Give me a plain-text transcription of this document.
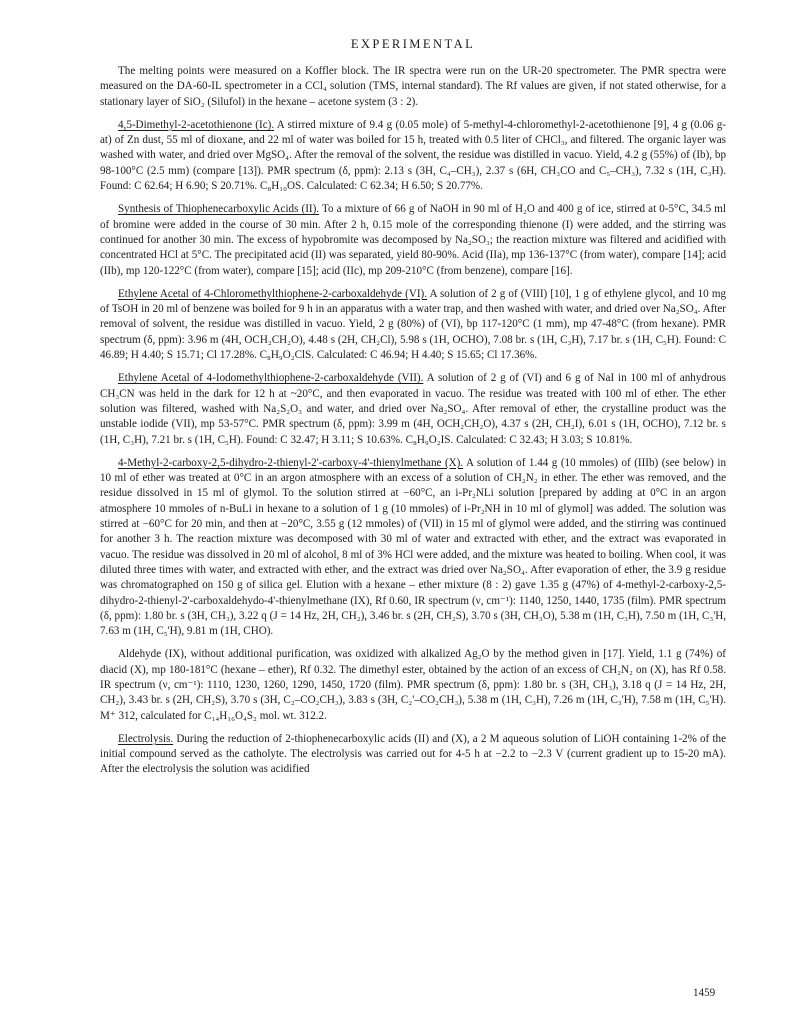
EXPERIMENTAL

The melting points were measured on a Koffler block. The IR spectra were run on the UR-20 spectrometer. The PMR spectra were measured on the DA-60-IL spectrometer in a CCl₄ solution (TMS, internal standard). The Rf values are given, if not stated otherwise, for a stationary layer of SiO₂ (Silufol) in the hexane – acetone system (3 : 2).

4,5-Dimethyl-2-acetothienone (Ic). A stirred mixture of 9.4 g (0.05 mole) of 5-methyl-4-chloromethyl-2-acetothienone [9], 4 g (0.06 g-at) of Zn dust, 55 ml of dioxane, and 22 ml of water was boiled for 15 h, treated with 0.5 liter of CHCl₃, and filtered. The organic layer was washed with water, and dried over MgSO₄. After the removal of the solvent, the residue was distilled in vacuo. Yield, 4.2 g (55%) of (Ib), bp 98-100°C (2.5 mm) (compare [13]). PMR spectrum (δ, ppm): 2.13 s (3H, C₄–CH₃), 2.37 s (6H, CH₃CO and C₅–CH₃), 7.32 s (1H, C₃H). Found: C 62.64; H 6.90; S 20.71%. C₈H₁₀OS. Calculated: C 62.34; H 6.50; S 20.77%.

Synthesis of Thiophenecarboxylic Acids (II). To a mixture of 66 g of NaOH in 90 ml of H₂O and 400 g of ice, stirred at 0-5°C, 34.5 ml of bromine were added in the course of 30 min. After 2 h, 0.15 mole of the corresponding thienone (I) were added, and the stirring was continued for another 30 min. The excess of hypobromite was decomposed by Na₂SO₃; the reaction mixture was filtered and acidified with concentrated HCl at 5°C. The precipitated acid (II) was separated, yield 80-90%. Acid (IIa), mp 136-137°C (from water), compare [14]; acid (IIb), mp 120-122°C (from water), compare [15]; acid (IIc), mp 209-210°C (from benzene), compare [16].

Ethylene Acetal of 4-Chloromethylthiophene-2-carboxaldehyde (VI). A solution of 2 g of (VIII) [10], 1 g of ethylene glycol, and 10 mg of TsOH in 20 ml of benzene was boiled for 9 h in an apparatus with a water trap, and then washed with water, and dried over Na₂SO₄. After removal of solvent, the residue was distilled in vacuo. Yield, 2 g (80%) of (VI), bp 117-120°C (1 mm), mp 47-48°C (from hexane). PMR spectrum (δ, ppm): 3.96 m (4H, OCH₂CH₂O), 4.48 s (2H, CH₂Cl), 5.98 s (1H, OCHO), 7.08 br. s (1H, C₃H), 7.17 br. s (1H, C₅H). Found: C 46.89; H 4.40; S 15.71; Cl 17.28%. C₈H₉O₂ClS. Calculated: C 46.94; H 4.40; S 15.65; Cl 17.36%.

Ethylene Acetal of 4-Iodomethylthiophene-2-carboxaldehyde (VII). A solution of 2 g of (VI) and 6 g of NaI in 100 ml of anhydrous CH₃CN was held in the dark for 12 h at ~20°C, and then evaporated in vacuo. The residue was treated with 100 ml of ether. The ether solution was filtered, washed with Na₂S₂O₃ and water, and dried over Na₂SO₄. After removal of ether, the crystalline product was the unstable iodide (VII), mp 53-57°C. PMR spectrum (δ, ppm): 3.99 m (4H, OCH₂CH₂O), 4.37 s (2H, CH₂I), 6.01 s (1H, OCHO), 7.12 br. s (1H, C₃H), 7.21 br. s (1H, C₅H). Found: C 32.47; H 3.11; S 10.63%. C₈H₉O₂IS. Calculated: C 32.43; H 3.03; S 10.81%.

4-Methyl-2-carboxy-2,5-dihydro-2-thienyl-2'-carboxy-4'-thienylmethane (X). A solution of 1.44 g (10 mmoles) of (IIIb) (see below) in 10 ml of ether was treated at 0°C in an argon atmosphere with an excess of a solution of CH₂N₂ in ether. The ether was removed, and the residue dissolved in 15 ml of glymol. To the solution stirred at −60°C, an i-Pr₂NLi solution [prepared by adding at 0°C in an argon atmosphere 10 mmoles of n-BuLi in hexane to a solution of 1 g (10 mmoles) of i-Pr₂NH in 10 ml of glymol] was added. The solution was stirred at −60°C for 20 min, and then at −20°C, 3.55 g (12 mmoles) of (VII) in 15 ml of glymol were added, and the stirring was continued for another 3 h. The reaction mixture was decomposed with 30 ml of water and extracted with ether, and the extract was evaporated in vacuo. The residue was dissolved in 20 ml of alcohol, 8 ml of 3% HCl were added, and the mixture was heated to boiling. When cool, it was diluted three times with water, and extracted with ether, and the extract was dried over Na₂SO₄. After evaporation of ether, the 3.9 g residue was chromatographed on 150 g of silica gel. Elution with a hexane – ether mixture (8 : 2) gave 1.35 g (47%) of 4-methyl-2-carboxy-2,5-dihydro-2-thienyl-2'-carboxaldehydo-4'-thienylmethane (IX), Rf 0.60, IR spectrum (ν, cm⁻¹): 1140, 1250, 1440, 1735 (film). PMR spectrum (δ, ppm): 1.80 br. s (3H, CH₃), 3.22 q (J = 14 Hz, 2H, CH₂), 3.46 br. s (2H, CH₂S), 3.70 s (3H, CH₃O), 5.38 m (1H, C₃H), 7.50 m (1H, C₃'H, 7.63 m (1H, C₅'H), 9.81 m (1H, CHO).

Aldehyde (IX), without additional purification, was oxidized with alkalized Ag₂O by the method given in [17]. Yield, 1.1 g (74%) of diacid (X), mp 180-181°C (hexane – ether), Rf 0.32. The dimethyl ester, obtained by the action of an excess of CH₂N₂ on (X), has Rf 0.58. IR spectrum (ν, cm⁻¹): 1110, 1230, 1260, 1290, 1450, 1720 (film). PMR spectrum (δ, ppm): 1.80 br. s (3H, CH₃), 3.18 q (J = 14 Hz, 2H, CH₂), 3.43 br. s (2H, CH₂S), 3.70 s (3H, C₂–CO₂CH₃), 3.83 s (3H, C₂'–CO₂CH₃), 5.38 m (1H, C₃H), 7.26 m (1H, C₃'H), 7.58 m (1H, C₅'H). M⁺ 312, calculated for C₁₄H₁₆O₄S₂ mol. wt. 312.2.

Electrolysis. During the reduction of 2-thiophenecarboxylic acids (II) and (X), a 2 M aqueous solution of LiOH containing 1-2% of the initial compound served as the catholyte. The electrolysis was carried out for 4-5 h at −2.2 to −2.3 V (current gradient up to 15-20 mA). After the electrolysis the solution was acidified

1459
